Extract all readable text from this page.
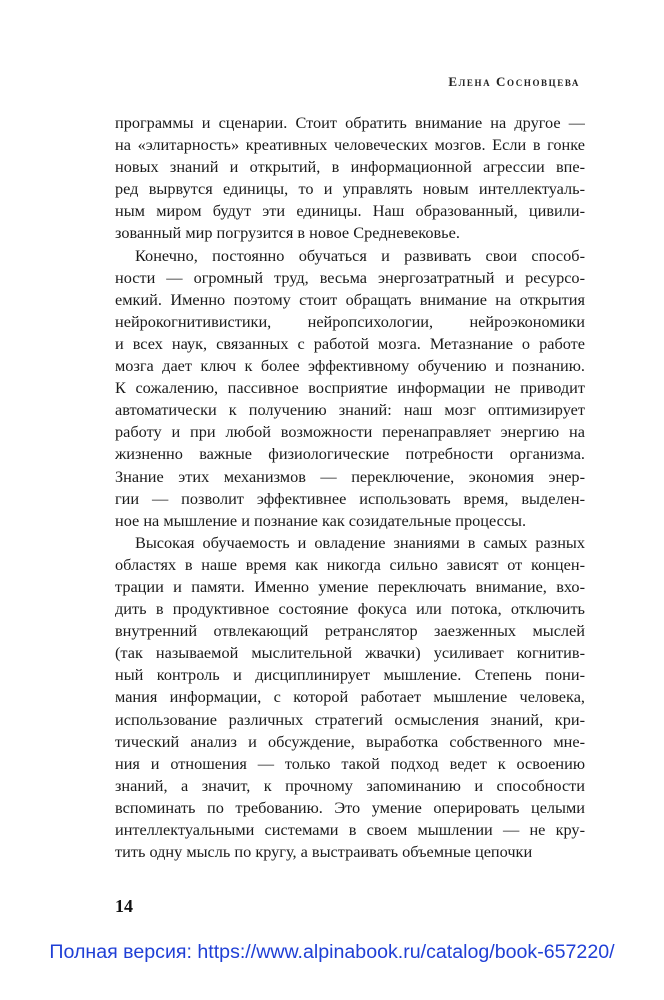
Елена Сосновцева
программы и сценарии. Стоит обратить внимание на другое —
на «элитарность» креативных человеческих мозгов. Если в гонке
новых знаний и открытий, в информационной агрессии впе-
ред вырвутся единицы, то и управлять новым интеллектуаль-
ным миром будут эти единицы. Наш образованный, цивили-
зованный мир погрузится в новое Средневековье.
Конечно, постоянно обучаться и развивать свои способ-
ности — огромный труд, весьма энергозатратный и ресурсо-
емкий. Именно поэтому стоит обращать внимание на открытия
нейрокогнитивистики, нейропсихологии, нейроэкономики
и всех наук, связанных с работой мозга. Метазнание о работе
мозга дает ключ к более эффективному обучению и познанию.
К сожалению, пассивное восприятие информации не приводит
автоматически к получению знаний: наш мозг оптимизирует
работу и при любой возможности перенаправляет энергию на
жизненно важные физиологические потребности организма.
Знание этих механизмов — переключение, экономия энер-
гии — позволит эффективнее использовать время, выделен-
ное на мышление и познание как созидательные процессы.
Высокая обучаемость и овладение знаниями в самых разных
областях в наше время как никогда сильно зависят от концен-
трации и памяти. Именно умение переключать внимание, вхо-
дить в продуктивное состояние фокуса или потока, отключить
внутренний отвлекающий ретранслятор заезженных мыслей
(так называемой мыслительной жвачки) усиливает когнитив-
ный контроль и дисциплинирует мышление. Степень пони-
мания информации, с которой работает мышление человека,
использование различных стратегий осмысления знаний, кри-
тический анализ и обсуждение, выработка собственного мне-
ния и отношения — только такой подход ведет к освоению
знаний, а значит, к прочному запоминанию и способности
вспоминать по требованию. Это умение оперировать целыми
интеллектуальными системами в своем мышлении — не кру-
тить одну мысль по кругу, а выстраивать объемные цепочки
14
Полная версия: https://www.alpinabook.ru/catalog/book-657220/
